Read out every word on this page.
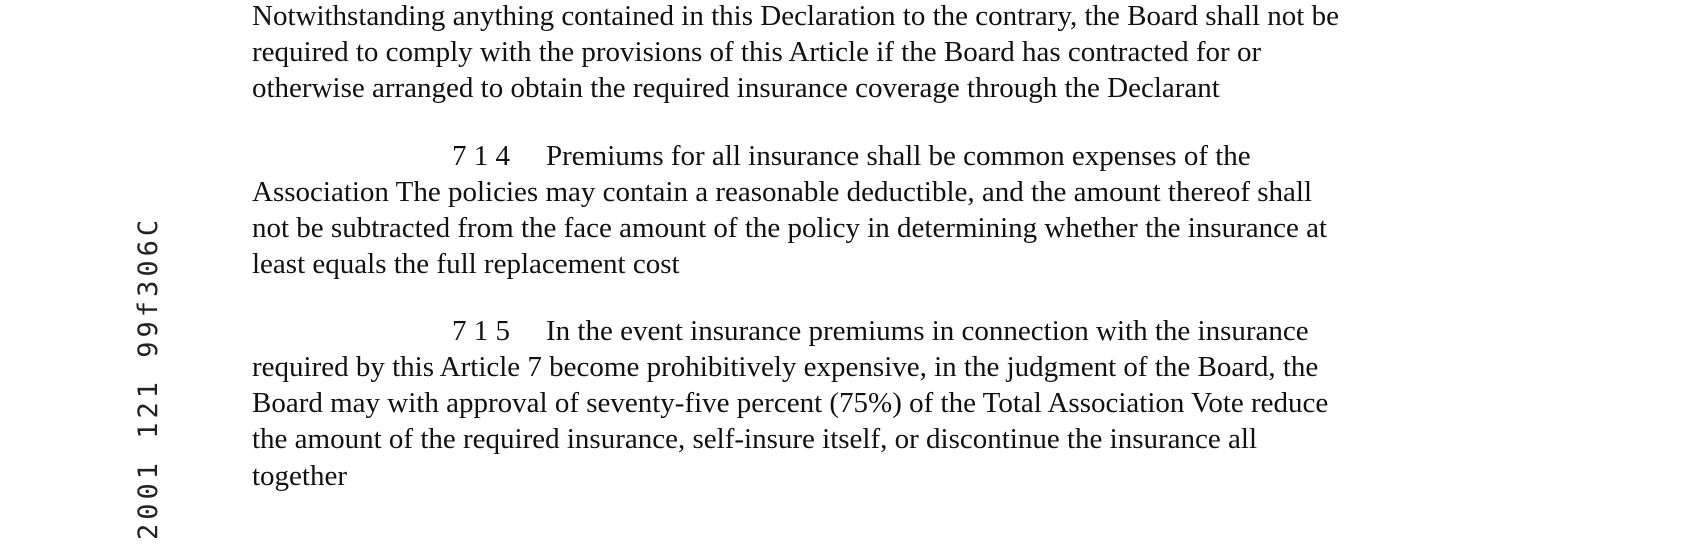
2001 121 99f306C
Notwithstanding anything contained in this Declaration to the contrary, the Board shall not be
required to comply with the provisions of this Article if the Board has contracted for or
otherwise arranged to obtain the required insurance coverage through the Declarant
7 1 4 Premiums for all insurance shall be common expenses of the
Association The policies may contain a reasonable deductible, and the amount thereof shall
not be subtracted from the face amount of the policy in determining whether the insurance at
least equals the full replacement cost
7 1 5 In the event insurance premiums in connection with the insurance
required by this Article 7 become prohibitively expensive, in the judgment of the Board, the
Board may with approval of seventy-five percent (75%) of the Total Association Vote reduce
the amount of the required insurance, self-insure itself, or discontinue the insurance all
together
